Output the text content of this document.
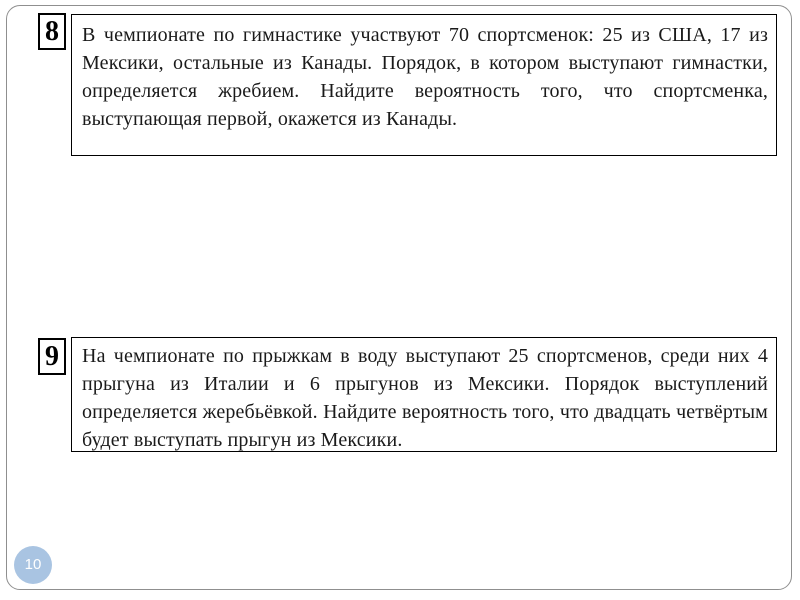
8	В чемпионате по гимнастике участвуют 70 спортсменок: 25 из США, 17 из Мексики, остальные из Канады. Порядок, в котором выступают гимнастки, определяется жребием. Найдите вероятность того, что спортсменка, выступающая первой, окажется из Канады.
9	На чемпионате по прыжкам в воду выступают 25 спортсменов, среди них 4 прыгуна из Италии и 6 прыгунов из Мексики. Порядок выступлений определяется жеребьёвкой. Найдите вероятность того, что двадцать четвёртым будет выступать прыгун из Мексики.
10
